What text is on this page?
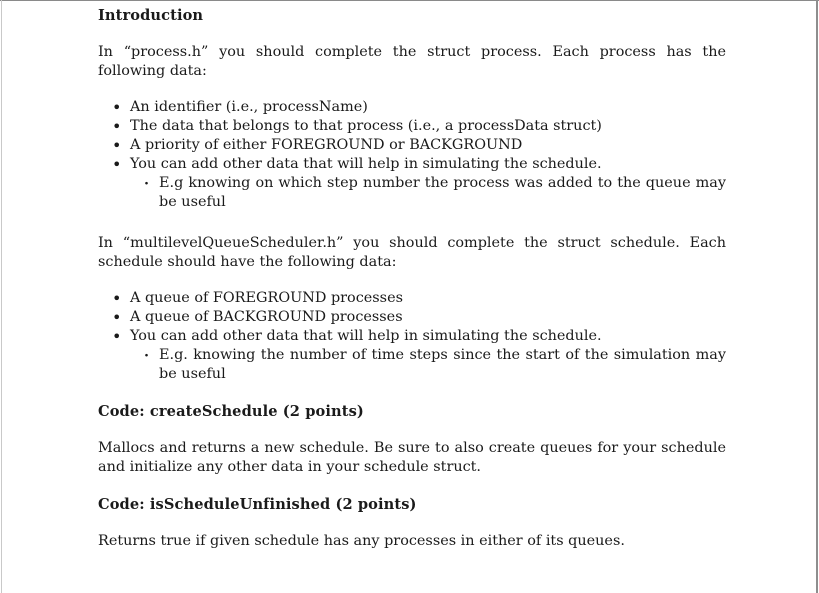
Introduction

In “process.h” you should complete the struct process. Each process has the following data:

• An identifier (i.e., processName)
• The data that belongs to that process (i.e., a processData struct)
• A priority of either FOREGROUND or BACKGROUND
• You can add other data that will help in simulating the schedule.
· E.g knowing on which step number the process was added to the queue may be useful

In “multilevelQueueScheduler.h” you should complete the struct schedule. Each schedule should have the following data:

• A queue of FOREGROUND processes
• A queue of BACKGROUND processes
• You can add other data that will help in simulating the schedule.
· E.g. knowing the number of time steps since the start of the simulation may be useful
Code: createSchedule (2 points)

Mallocs and returns a new schedule. Be sure to also create queues for your schedule and initialize any other data in your schedule struct.

Code: isScheduleUnfinished (2 points)

Returns true if given schedule has any processes in either of its queues.
